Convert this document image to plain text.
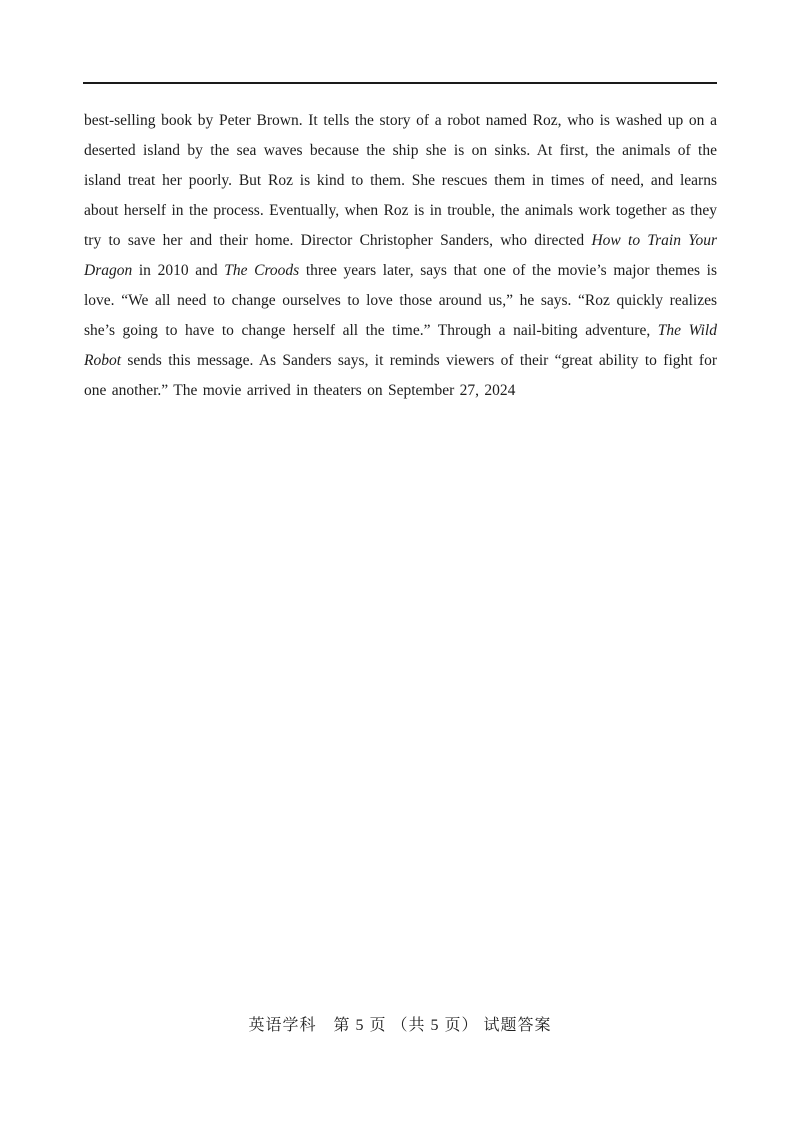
best-selling book by Peter Brown. It tells the story of a robot named Roz, who is washed up on a deserted island by the sea waves because the ship she is on sinks. At first, the animals of the island treat her poorly. But Roz is kind to them. She rescues them in times of need, and learns about herself in the process. Eventually, when Roz is in trouble, the animals work together as they try to save her and their home. Director Christopher Sanders, who directed How to Train Your Dragon in 2010 and The Croods three years later, says that one of the movie’s major themes is love. “We all need to change ourselves to love those around us,” he says. “Roz quickly realizes she’s going to have to change herself all the time.” Through a nail-biting adventure, The Wild Robot sends this message. As Sanders says, it reminds viewers of their “great ability to fight for one another.” The movie arrived in theaters on September 27, 2024
英语学科　第 5 页 （共 5 页） 试题答案
